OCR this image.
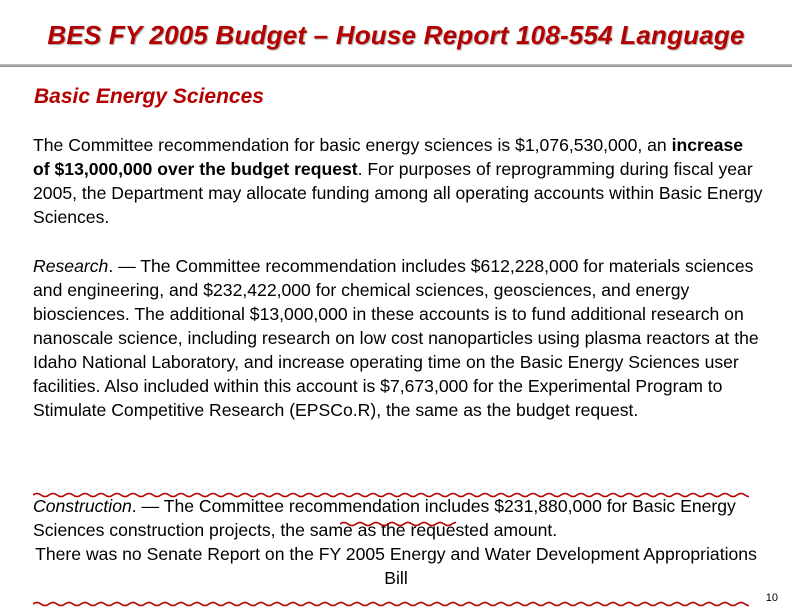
BES FY 2005 Budget – House Report 108-554 Language
Basic Energy Sciences
The Committee recommendation for basic energy sciences is $1,076,530,000, an increase of $13,000,000 over the budget request. For purposes of reprogramming during fiscal year 2005, the Department may allocate funding among all operating accounts within Basic Energy Sciences.
Research. — The Committee recommendation includes $612,228,000 for materials sciences and engineering, and $232,422,000 for chemical sciences, geosciences, and energy biosciences. The additional $13,000,000 in these accounts is to fund additional research on nanoscale science, including research on low cost nanoparticles using plasma reactors at the Idaho National Laboratory, and increase operating time on the Basic Energy Sciences user facilities. Also included within this account is $7,673,000 for the Experimental Program to Stimulate Competitive Research (EPSCo.R), the same as the budget request.
Construction. — The Committee recommendation includes $231,880,000 for Basic Energy Sciences construction projects, the same as the requested amount.
There was no Senate Report on the FY 2005 Energy and Water Development Appropriations Bill
10
